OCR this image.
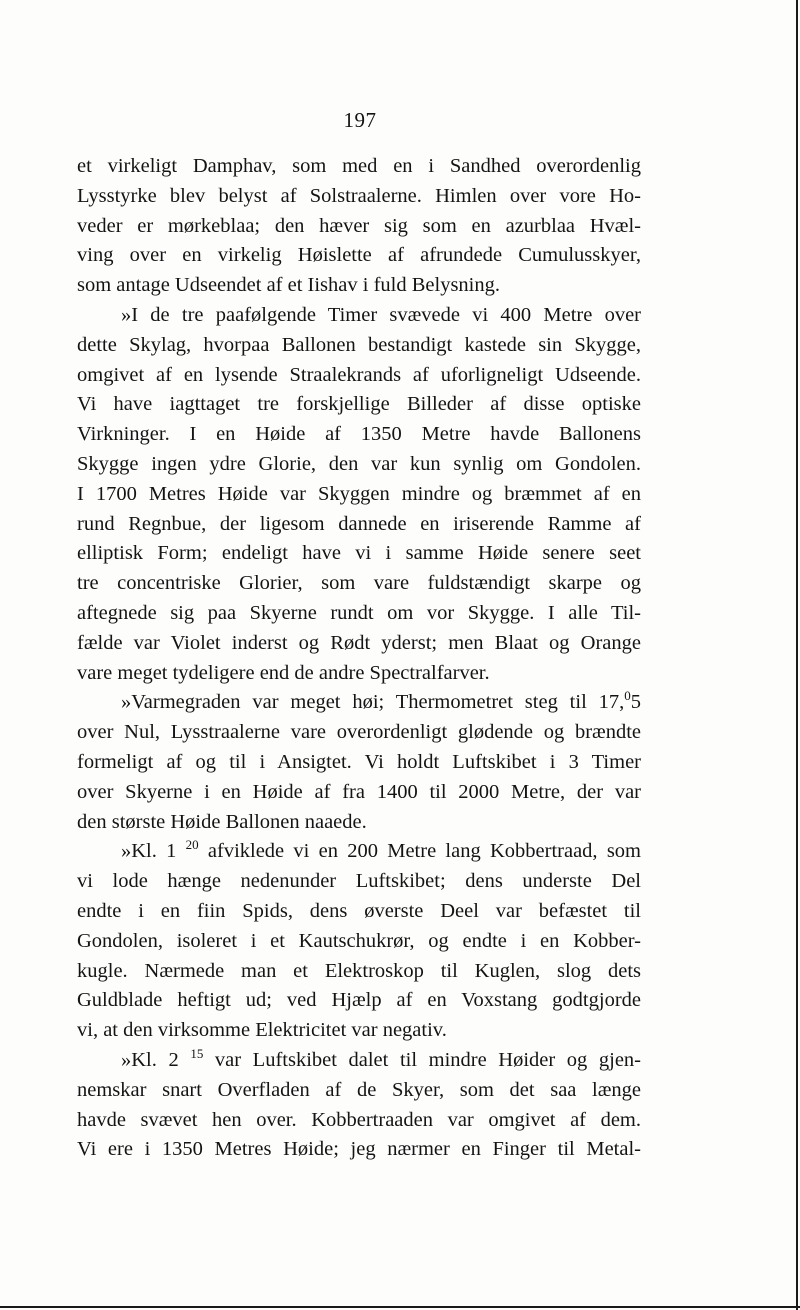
197
et virkeligt Damphav, som med en i Sandhed overordenlig
Lysstyrke blev belyst af Solstraalerne. Himlen over vore Ho-
veder er mørkeblaa; den hæver sig som en azurblaa Hvæl-
ving over en virkelig Høislette af afrundede Cumulusskyer,
som antage Udseendet af et Iishav i fuld Belysning.
»I de tre paafølgende Timer svævede vi 400 Metre over
dette Skylag, hvorpaa Ballonen bestandigt kastede sin Skygge,
omgivet af en lysende Straalekrands af uforligneligt Udseende.
Vi have iagttaget tre forskjellige Billeder af disse optiske
Virkninger. I en Høide af 1350 Metre havde Ballonens
Skygge ingen ydre Glorie, den var kun synlig om Gondolen.
I 1700 Metres Høide var Skyggen mindre og bræmmet af en
rund Regnbue, der ligesom dannede en iriserende Ramme af
elliptisk Form; endeligt have vi i samme Høide senere seet
tre concentriske Glorier, som vare fuldstændigt skarpe og
aftegnede sig paa Skyerne rundt om vor Skygge. I alle Til-
fælde var Violet inderst og Rødt yderst; men Blaat og Orange
vare meget tydeligere end de andre Spectralfarver.
»Varmegraden var meget høi; Thermometret steg til 17,$^0$5
over Nul, Lysstraalerne vare overordenligt glødende og brændte
formeligt af og til i Ansigtet. Vi holdt Luftskibet i 3 Timer
over Skyerne i en Høide af fra 1400 til 2000 Metre, der var
den største Høide Ballonen naaede.
»Kl. 1 $^{20}$ afviklede vi en 200 Metre lang Kobbertraad, som
vi lode hænge nedenunder Luftskibet; dens underste Del
endte i en fiin Spids, dens øverste Deel var befæstet til
Gondolen, isoleret i et Kautschukrør, og endte i en Kobber-
kugle. Nærmede man et Elektroskop til Kuglen, slog dets
Guldblade heftigt ud; ved Hjælp af en Voxstang godtgjorde
vi, at den virksomme Elektricitet var negativ.
»Kl. 2 $^{15}$ var Luftskibet dalet til mindre Høider og gjen-
nemskar snart Overfladen af de Skyer, som det saa længe
havde svævet hen over. Kobbertraaden var omgivet af dem.
Vi ere i 1350 Metres Høide; jeg nærmer en Finger til Metal-
